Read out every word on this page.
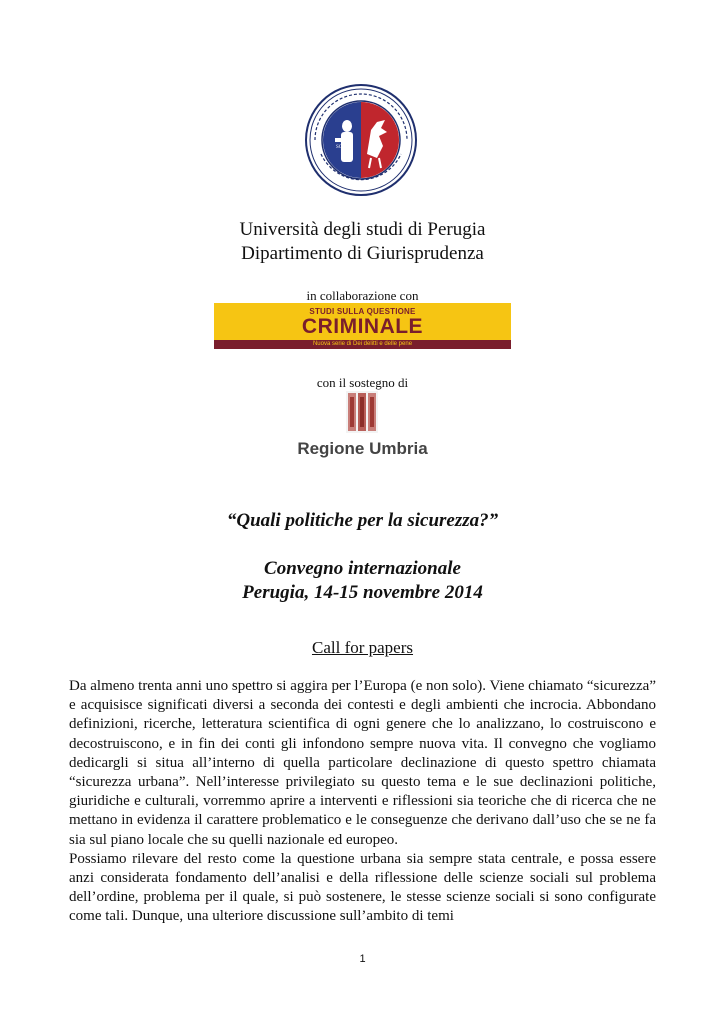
SCS
Università degli studi di Perugia
Dipartimento di Giurisprudenza
in collaborazione con
STUDI SULLA QUESTIONE
CRIMINALE
Nuova serie di Dei delitti e delle pene
con il sostegno di
Regione Umbria
“Quali politiche per la sicurezza?”
Convegno internazionale
Perugia, 14-15 novembre 2014
Call for papers

Da almeno trenta anni uno spettro si aggira per l’Europa (e non solo). Viene chiamato “sicurezza” e acquisisce significati diversi a seconda dei contesti e degli ambienti che incrocia. Abbondano definizioni, ricerche, letteratura scientifica di ogni genere che lo analizzano, lo costruiscono e decostruiscono, e in fin dei conti gli infondono sempre nuova vita. Il convegno che vogliamo dedicargli si situa all’interno di quella particolare declinazione di questo spettro chiamata “sicurezza urbana”. Nell’interesse privilegiato su questo tema e le sue declinazioni politiche, giuridiche e culturali, vorremmo aprire a interventi e riflessioni sia teoriche che di ricerca che ne mettano in evidenza il carattere problematico e le conseguenze che derivano dall’uso che se ne fa sia sul piano locale che su quelli nazionale ed europeo.

Possiamo rilevare del resto come la questione urbana sia sempre stata centrale, e possa essere anzi considerata fondamento dell’analisi e della riflessione delle scienze sociali sul problema dell’ordine, problema per il quale, si può sostenere, le stesse scienze sociali si sono configurate come tali. Dunque, una ulteriore discussione sull’ambito di temi

1
